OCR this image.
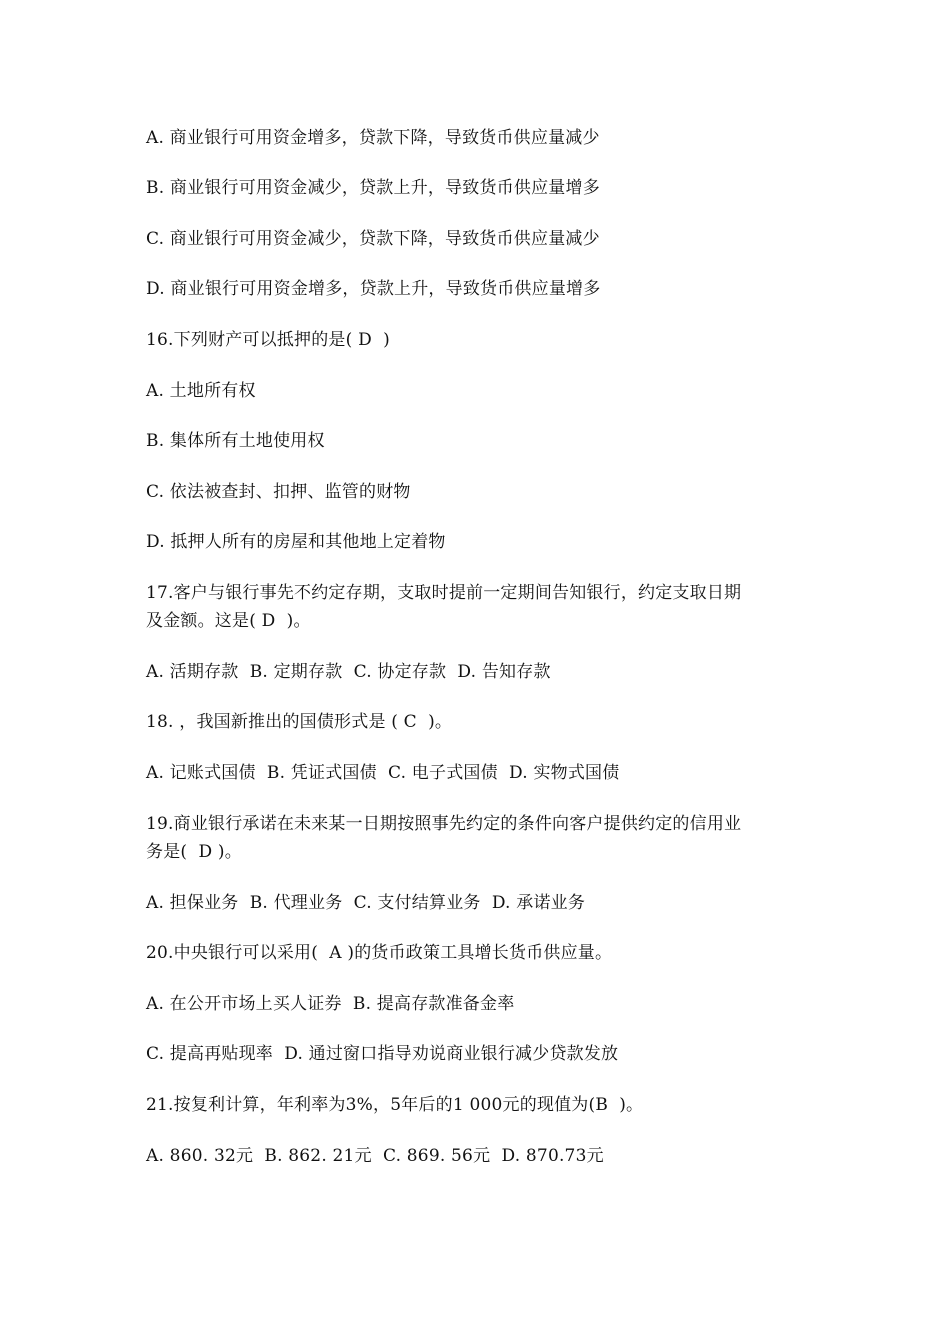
A. 商业银行可用资金增多，贷款下降，导致货币供应量减少
B. 商业银行可用资金减少，贷款上升，导致货币供应量增多
C. 商业银行可用资金减少，贷款下降，导致货币供应量减少
D. 商业银行可用资金增多，贷款上升，导致货币供应量增多
16.下列财产可以抵押的是( D  )
A. 土地所有权
B. 集体所有土地使用权
C. 依法被查封、扣押、监管的财物
D. 抵押人所有的房屋和其他地上定着物
17.客户与银行事先不约定存期，支取时提前一定期间告知银行，约定支取日期
及金额。这是( D  )。
A. 活期存款  B. 定期存款  C. 协定存款  D. 告知存款
18. ，我国新推出的国债形式是 ( C  )。
A. 记账式国债  B. 凭证式国债  C. 电子式国债  D. 实物式国债
19.商业银行承诺在未来某一日期按照事先约定的条件向客户提供约定的信用业
务是(  D )。
A. 担保业务  B. 代理业务  C. 支付结算业务  D. 承诺业务
20.中央银行可以采用(  A )的货币政策工具增长货币供应量。
A. 在公开市场上买人证券  B. 提高存款准备金率
C. 提高再贴现率  D. 通过窗口指导劝说商业银行减少贷款发放
21.按复利计算，年利率为3%，5年后的1 000元的现值为(B  )。
A. 860. 32元  B. 862. 21元  C. 869. 56元  D. 870.73元
